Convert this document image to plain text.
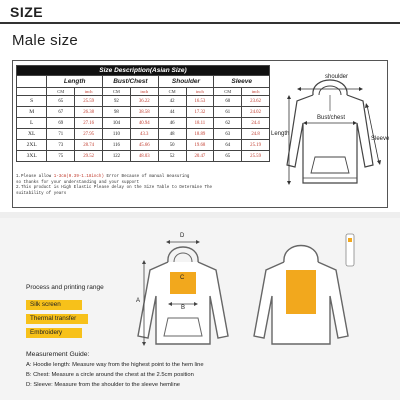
SIZE
Male size
Size Description(Asian Size)								
	Length		Bust/Chest		Shoulder		Sleeve	
	CM	inch	CM	inch	CM	inch	CM	inch
S	65	25.59	92	36.22	42	16.53	60	23.62
M	67	26.38	98	38.58	44	17.32	61	24.02
L	69	27.16	104	40.94	46	18.11	62	24.4
XL	71	27.95	110	43.3	48	18.89	63	24.8
2XL	73	28.74	116	45.66	50	19.68	64	25.19
3XL	75	29.52	122	48.03	52	20.47	65	25.59
1.Please allow 1-3cm(0.39-1.18inch) Error Because of manual measuring
so thanks for your understanding and your support
2.This product is High Elastic Please delay on the Size Table to Determine The
suitability of years
shoulder
Length
Bust/chest
Sleeve
D
A
B
C
Process and printing range
Silk screen
Thermal transfer
Embroidery
Measurement Guide:
A: Hoodie length: Measure way from the highest point to the hem line
B: Chest: Measure a circle around the chest at the 2.5cm position
D: Sleeve: Measure from the shoulder to the sleeve hemline
